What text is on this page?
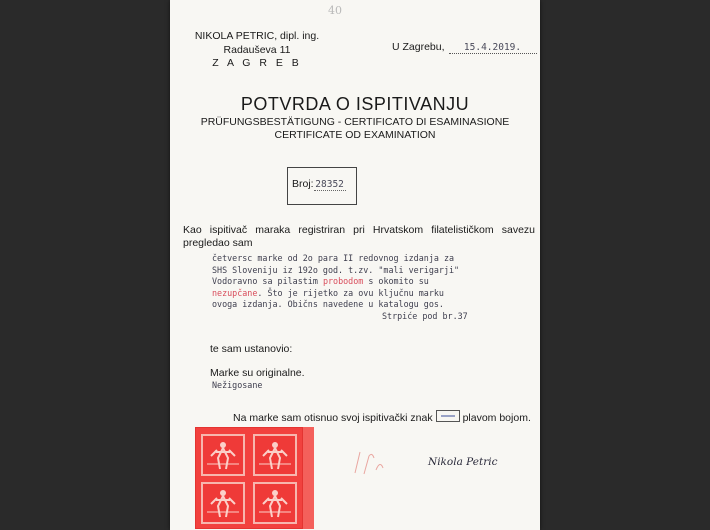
40
NIKOLA PETRIC, dipl. ing.
Radauševa 11
Z A G R E B
U Zagrebu, 15.4.2019.
POTVRDA O ISPITIVANJU
PRÜFUNGSBESTÄTIGUNG - CERTIFICATO DI ESAMINASIONE
CERTIFICATE OD EXAMINATION
Broj: 28352
Kao ispitivač maraka registriran pri Hrvatskom filatelističkom savezu pregledao sam
četversc marke od 2o para II redovnog izdanja za
SHS Sloveniju iz 192o god. t.zv. "mali verigarji"
Vodoravno sa pilastim probodom s okomito su
nezupčane. Što je rijetko za ovu ključnu marku
ovoga izdanja. Običns navedene u katalogu gos.
Strpiće pod br.37
te sam ustanovio:
Marke su originalne.
Nežigosane
Na marke sam otisnuo svoj ispitivački znak	plavom bojom.
Nikola Petric
